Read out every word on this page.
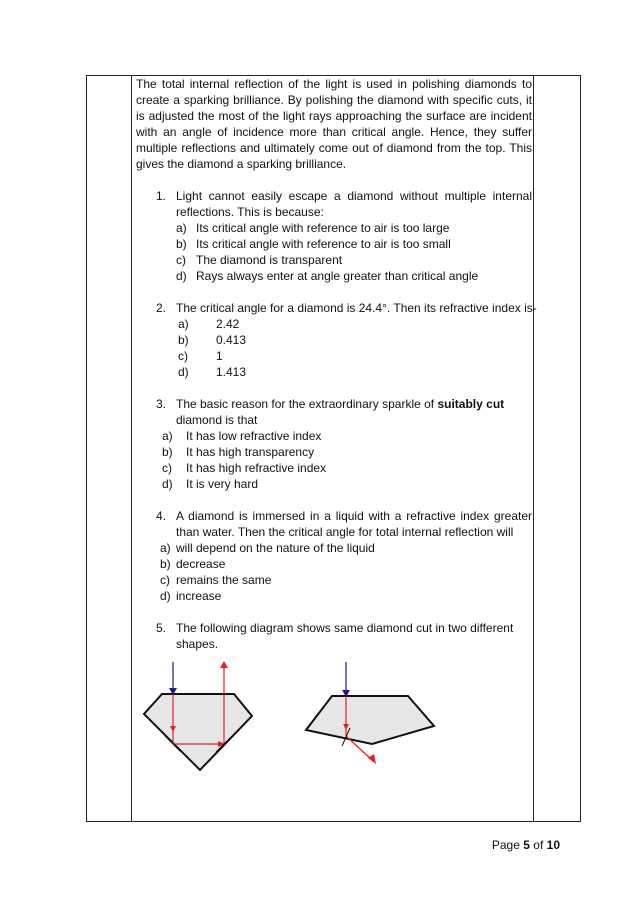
The total internal reflection of the light is used in polishing diamonds to create a sparking brilliance. By polishing the diamond with specific cuts, it is adjusted the most of the light rays approaching the surface are incident with an angle of incidence more than critical angle. Hence, they suffer multiple reflections and ultimately come out of diamond from the top. This gives the diamond a sparking brilliance.

1. Light cannot easily escape a diamond without multiple internal reflections. This is because:
a) Its critical angle with reference to air is too large
b) Its critical angle with reference to air is too small
c) The diamond is transparent
d) Rays always enter at angle greater than critical angle
2. The critical angle for a diamond is 24.4°. Then its refractive index is-
a) 2.42
b) 0.413
c) 1
d) 1.413
3. The basic reason for the extraordinary sparkle of suitably cut diamond is that
a) It has low refractive index
b) It has high transparency
c) It has high refractive index
d) It is very hard
4. A diamond is immersed in a liquid with a refractive index greater than water. Then the critical angle for total internal reflection will
a) will depend on the nature of the liquid
b) decrease
c) remains the same
d) increase
5. The following diagram shows same diamond cut in two different shapes.
Page 5 of 10
